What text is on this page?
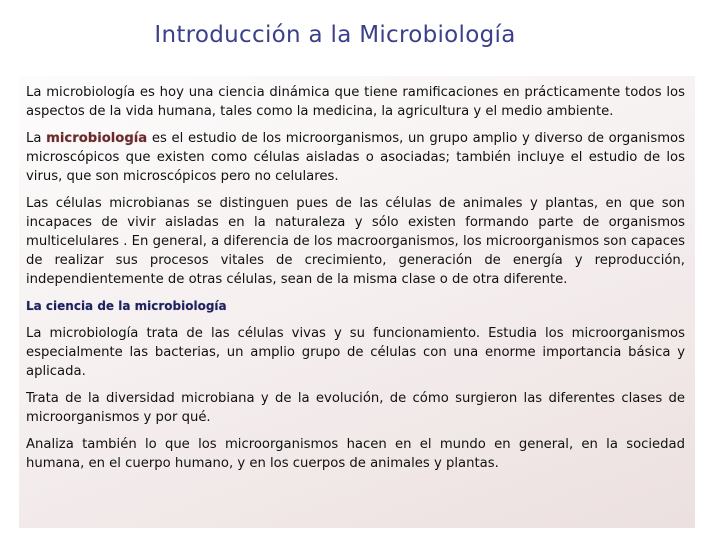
Introducción a la Microbiología

La microbiología es hoy una ciencia dinámica que tiene ramificaciones en prácticamente todos los aspectos de la vida humana, tales como la medicina, la agricultura y el medio ambiente.

La microbiología es el estudio de los microorganismos, un grupo amplio y diverso de organismos microscópicos que existen como células aisladas o asociadas; también incluye el estudio de los virus, que son microscópicos pero no celulares.

Las células microbianas se distinguen pues de las células de animales y plantas, en que son incapaces de vivir aisladas en la naturaleza y sólo existen formando parte de organismos multicelulares . En general, a diferencia de los macroorganismos, los microorganismos son capaces de realizar sus procesos vitales de crecimiento, generación de energía y reproducción, independientemente de otras células, sean de la misma clase o de otra diferente.

La ciencia de la microbiología

La microbiología trata de las células vivas y su funcionamiento. Estudia los microorganismos especialmente las bacterias, un amplio grupo de células con una enorme importancia básica y aplicada.

Trata de la diversidad microbiana y de la evolución, de cómo surgieron las diferentes clases de microorganismos y por qué.

Analiza también lo que los microorganismos hacen en el mundo en general, en la sociedad humana, en el cuerpo humano, y en los cuerpos de animales y plantas.
